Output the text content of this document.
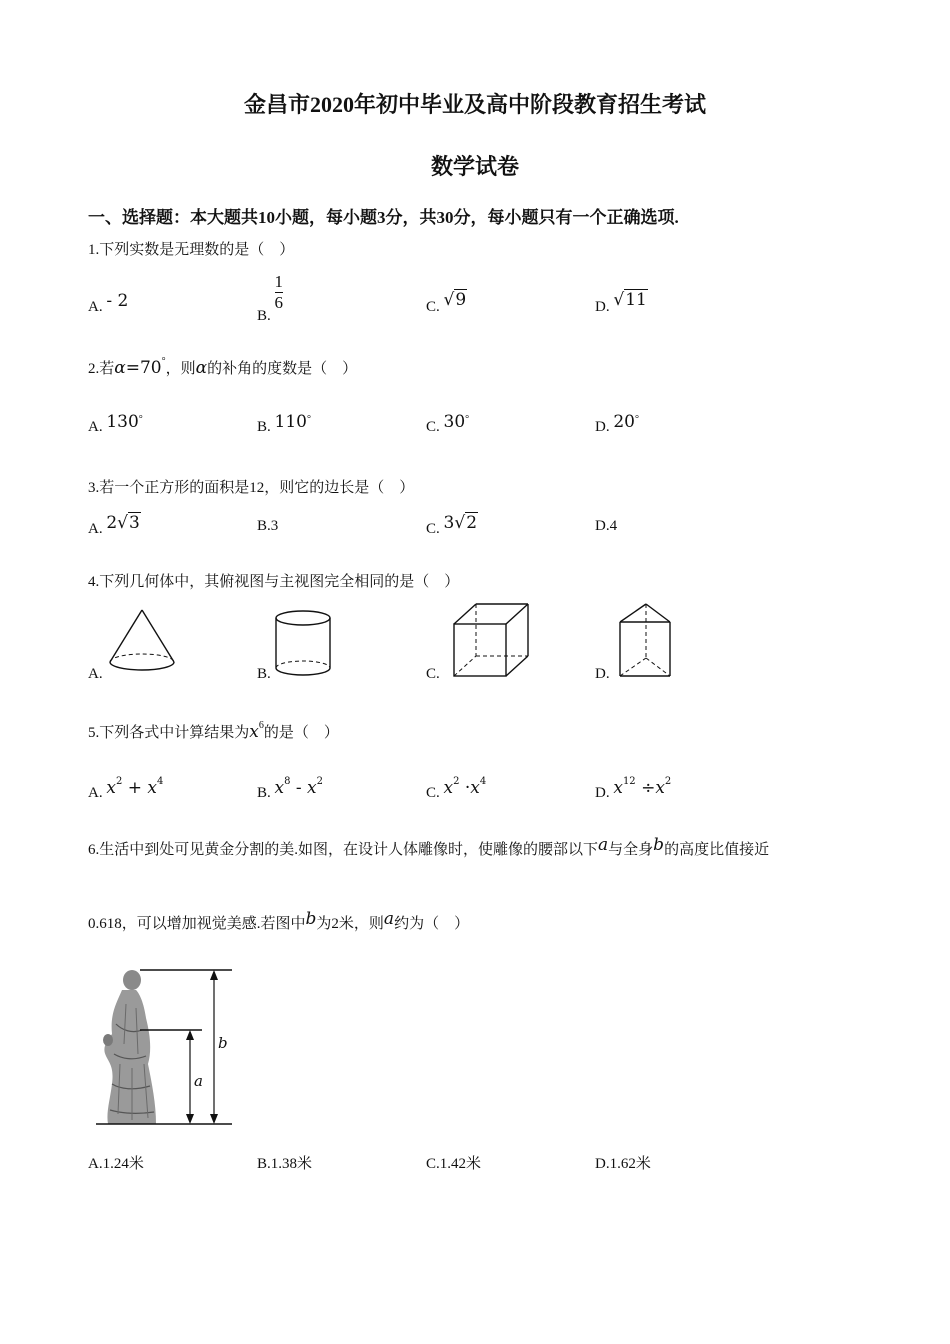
金昌市2020年初中毕业及高中阶段教育招生考试
数学试卷
一、选择题：本大题共10小题，每小题3分，共30分，每小题只有一个正确选项.
1.下列实数是无理数的是（　）
A. - 2
B.
$\frac{1}{6}$	C. √9	D. √11
2.若α=70°，则α的补角的度数是（　）
A. 130°	B. 110°	C. 30°	D. 20°
3.若一个正方形的面积是12，则它的边长是（　）
A. 2√3	B.3	C. 3√2	D.4
4.下列几何体中，其俯视图与主视图完全相同的是（　）
A.	B.	C.	D.
5.下列各式中计算结果为$x^6$的是（　）
A. $x^2 + x^4$
B. $x^8 - x^2$
C. $x^2 \cdot x^4$
D. $x^{12} \div x^2$
6.生活中到处可见黄金分割的美.如图，在设计人体雕像时，使雕像的腰部以下a与全身b的高度比值接近
0.618，可以增加视觉美感.若图中b为2米，则a约为（　）
b
a
A.1.24米	B.1.38米	C.1.42米	D.1.62米
